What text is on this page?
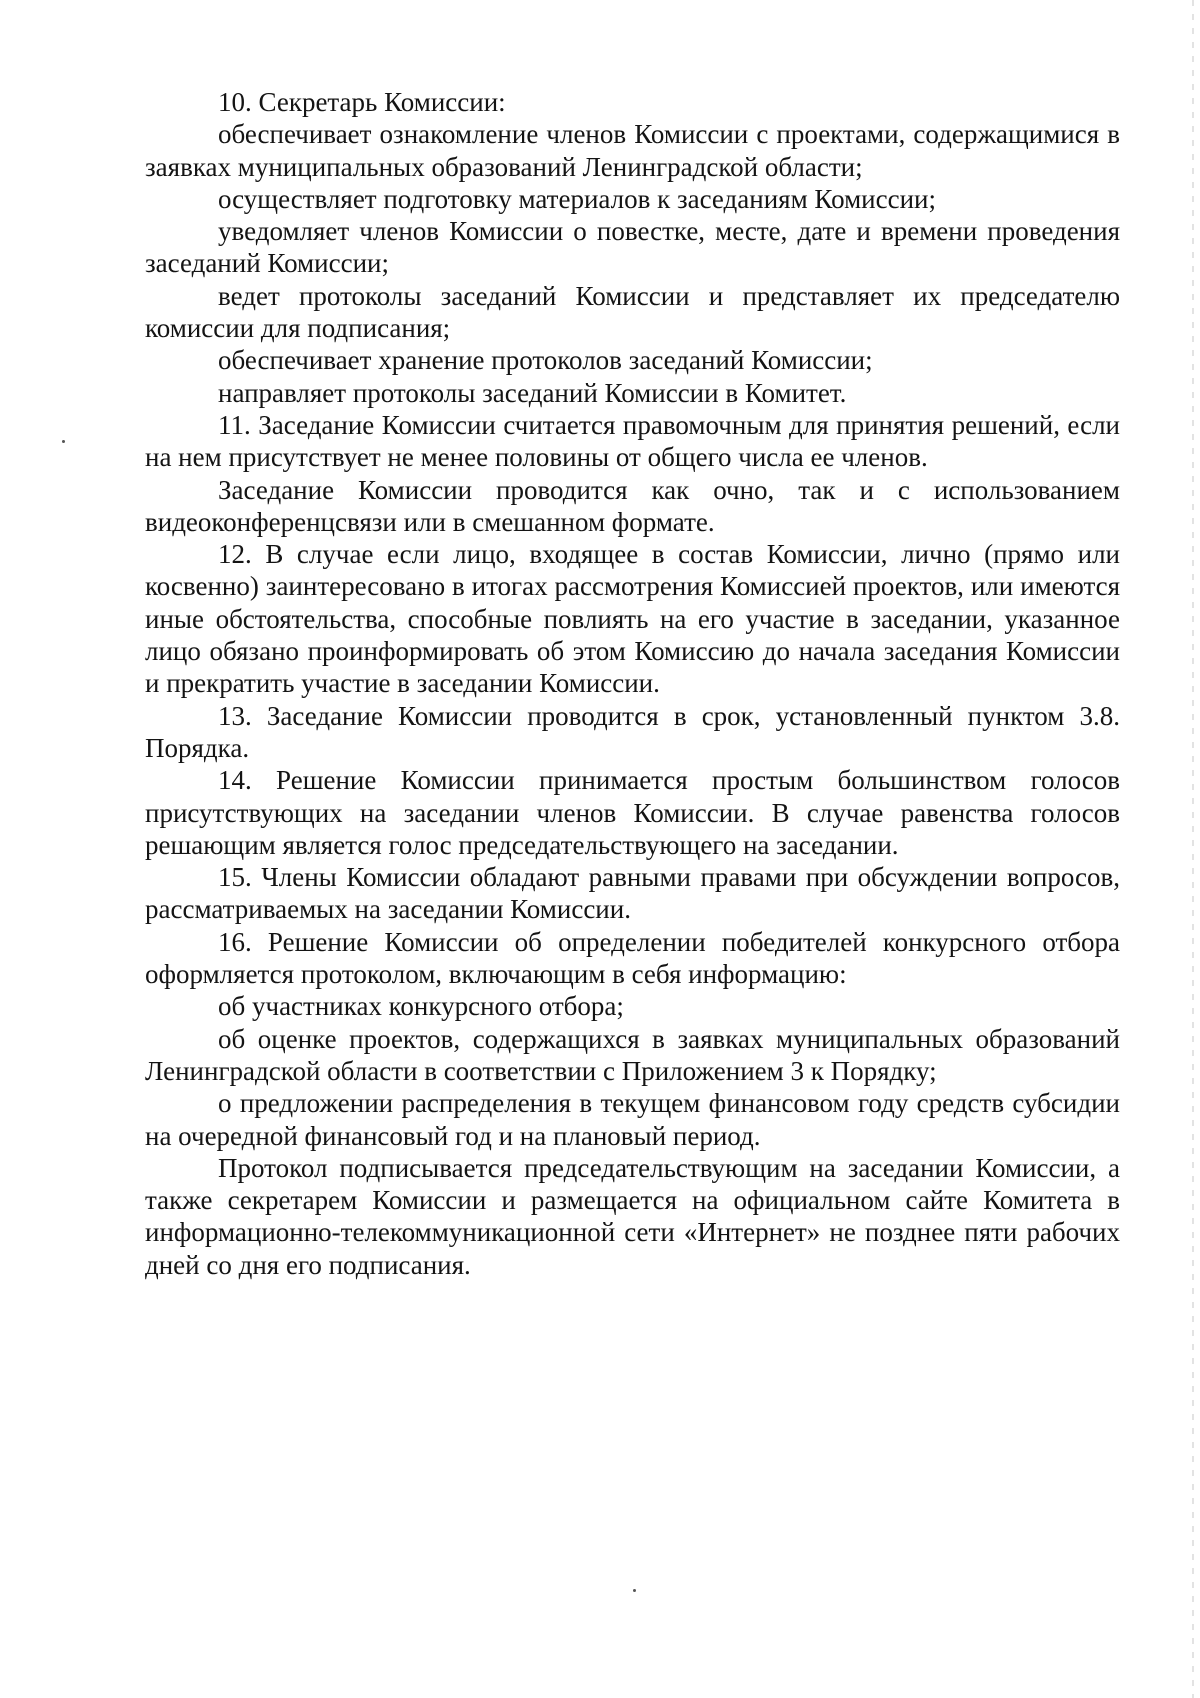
10. Секретарь Комиссии:

обеспечивает ознакомление членов Комиссии с проектами, содержащимися в заявках муниципальных образований Ленинградской области;

осуществляет подготовку материалов к заседаниям Комиссии;

уведомляет членов Комиссии о повестке, месте, дате и времени проведения заседаний Комиссии;

ведет протоколы заседаний Комиссии и представляет их председателю комиссии для подписания;

обеспечивает хранение протоколов заседаний Комиссии;

направляет протоколы заседаний Комиссии в Комитет.

11. Заседание Комиссии считается правомочным для принятия решений, если на нем присутствует не менее половины от общего числа ее членов.

Заседание Комиссии проводится как очно, так и с использованием видеоконференцсвязи или в смешанном формате.

12. В случае если лицо, входящее в состав Комиссии, лично (прямо или косвенно) заинтересовано в итогах рассмотрения Комиссией проектов, или имеются иные обстоятельства, способные повлиять на его участие в заседании, указанное лицо обязано проинформировать об этом Комиссию до начала заседания Комиссии и прекратить участие в заседании Комиссии.

13. Заседание Комиссии проводится в срок, установленный пунктом 3.8. Порядка.

14. Решение Комиссии принимается простым большинством голосов присутствующих на заседании членов Комиссии. В случае равенства голосов решающим является голос председательствующего на заседании.

15. Члены Комиссии обладают равными правами при обсуждении вопросов, рассматриваемых на заседании Комиссии.

16. Решение Комиссии об определении победителей конкурсного отбора оформляется протоколом, включающим в себя информацию:

об участниках конкурсного отбора;

об оценке проектов, содержащихся в заявках муниципальных образований Ленинградской области в соответствии с Приложением 3 к Порядку;

о предложении распределения в текущем финансовом году средств субсидии на очередной финансовый год и на плановый период.

Протокол подписывается председательствующим на заседании Комиссии, а также секретарем Комиссии и размещается на официальном сайте Комитета в информационно-телекоммуникационной сети «Интернет» не позднее пяти рабочих дней со дня его подписания.
